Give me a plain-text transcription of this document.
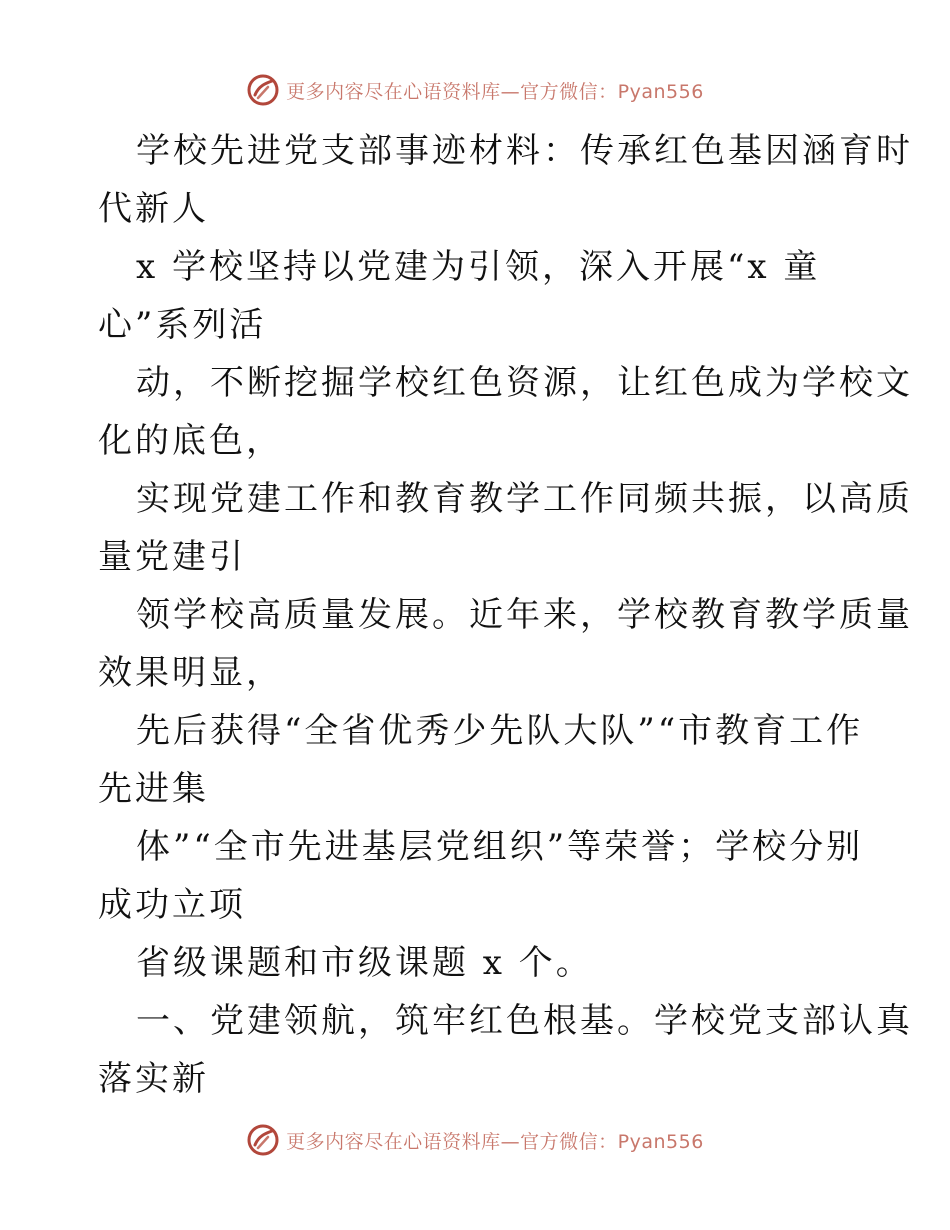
更多内容尽在心语资料库—官方微信：Pyan556
学校先进党支部事迹材料：传承红色基因涵育时
代新人
x 学校坚持以党建为引领，深入开展“x 童
心”系列活
动，不断挖掘学校红色资源，让红色成为学校文
化的底色，
实现党建工作和教育教学工作同频共振，以高质
量党建引
领学校高质量发展。近年来，学校教育教学质量
效果明显，
先后获得“全省优秀少先队大队”“市教育工作
先进集
体”“全市先进基层党组织”等荣誉；学校分别
成功立项
省级课题和市级课题 x 个。
一、党建领航，筑牢红色根基。学校党支部认真
落实新
更多内容尽在心语资料库—官方微信：Pyan556
